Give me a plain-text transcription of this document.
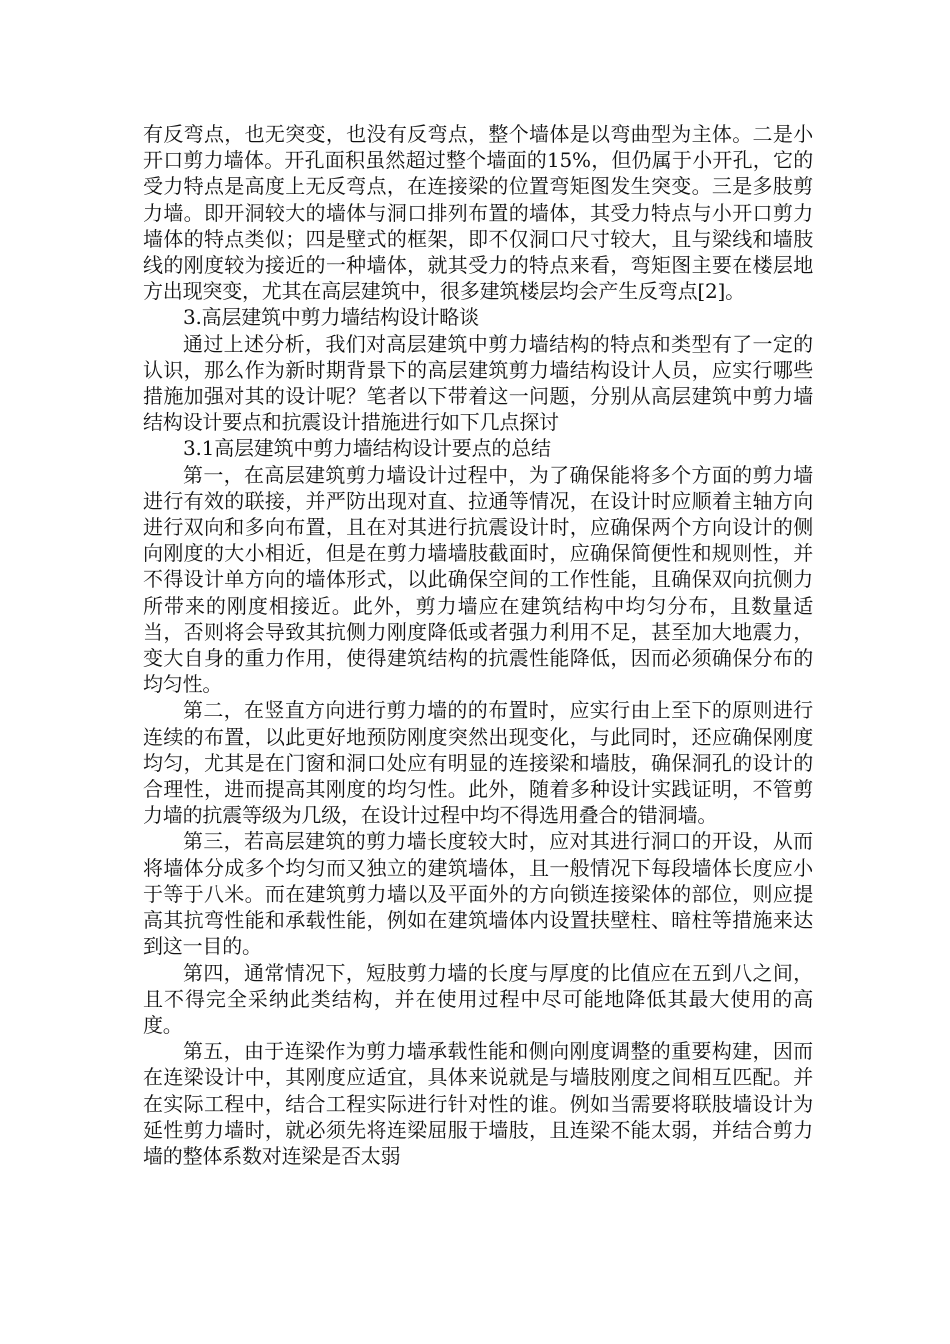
有反弯点，也无突变，也没有反弯点，整个墙体是以弯曲型为主体。二是小开口剪力墙体。开孔面积虽然超过整个墙面的15%，但仍属于小开孔，它的受力特点是高度上无反弯点，在连接梁的位置弯矩图发生突变。三是多肢剪力墙。即开洞较大的墙体与洞口排列布置的墙体，其受力特点与小开口剪力墙体的特点类似；四是壁式的框架，即不仅洞口尺寸较大，且与梁线和墙肢线的刚度较为接近的一种墙体，就其受力的特点来看，弯矩图主要在楼层地方出现突变，尤其在高层建筑中，很多建筑楼层均会产生反弯点[2]。

3.高层建筑中剪力墙结构设计略谈

通过上述分析，我们对高层建筑中剪力墙结构的特点和类型有了一定的认识，那么作为新时期背景下的高层建筑剪力墙结构设计人员，应实行哪些措施加强对其的设计呢？笔者以下带着这一问题，分别从高层建筑中剪力墙结构设计要点和抗震设计措施进行如下几点探讨

3.1高层建筑中剪力墙结构设计要点的总结

第一，在高层建筑剪力墙设计过程中，为了确保能将多个方面的剪力墙进行有效的联接，并严防出现对直、拉通等情况，在设计时应顺着主轴方向进行双向和多向布置，且在对其进行抗震设计时，应确保两个方向设计的侧向刚度的大小相近，但是在剪力墙墙肢截面时，应确保简便性和规则性，并不得设计单方向的墙体形式，以此确保空间的工作性能，且确保双向抗侧力所带来的刚度相接近。此外，剪力墙应在建筑结构中均匀分布，且数量适当，否则将会导致其抗侧力刚度降低或者强力利用不足，甚至加大地震力，变大自身的重力作用，使得建筑结构的抗震性能降低，因而必须确保分布的均匀性。

第二，在竖直方向进行剪力墙的的布置时，应实行由上至下的原则进行连续的布置，以此更好地预防刚度突然出现变化，与此同时，还应确保刚度均匀，尤其是在门窗和洞口处应有明显的连接梁和墙肢，确保洞孔的设计的合理性，进而提高其刚度的均匀性。此外，随着多种设计实践证明，不管剪力墙的抗震等级为几级，在设计过程中均不得选用叠合的错洞墙。

第三，若高层建筑的剪力墙长度较大时，应对其进行洞口的开设，从而将墙体分成多个均匀而又独立的建筑墙体，且一般情况下每段墙体长度应小于等于八米。而在建筑剪力墙以及平面外的方向锁连接梁体的部位，则应提高其抗弯性能和承载性能，例如在建筑墙体内设置扶壁柱、暗柱等措施来达到这一目的。

第四，通常情况下，短肢剪力墙的长度与厚度的比值应在五到八之间，且不得完全采纳此类结构，并在使用过程中尽可能地降低其最大使用的高度。

第五，由于连梁作为剪力墙承载性能和侧向刚度调整的重要构建，因而在连梁设计中，其刚度应适宜，具体来说就是与墙肢刚度之间相互匹配。并在实际工程中，结合工程实际进行针对性的谁。例如当需要将联肢墙设计为延性剪力墙时，就必须先将连梁屈服于墙肢，且连梁不能太弱，并结合剪力墙的整体系数对连梁是否太弱
